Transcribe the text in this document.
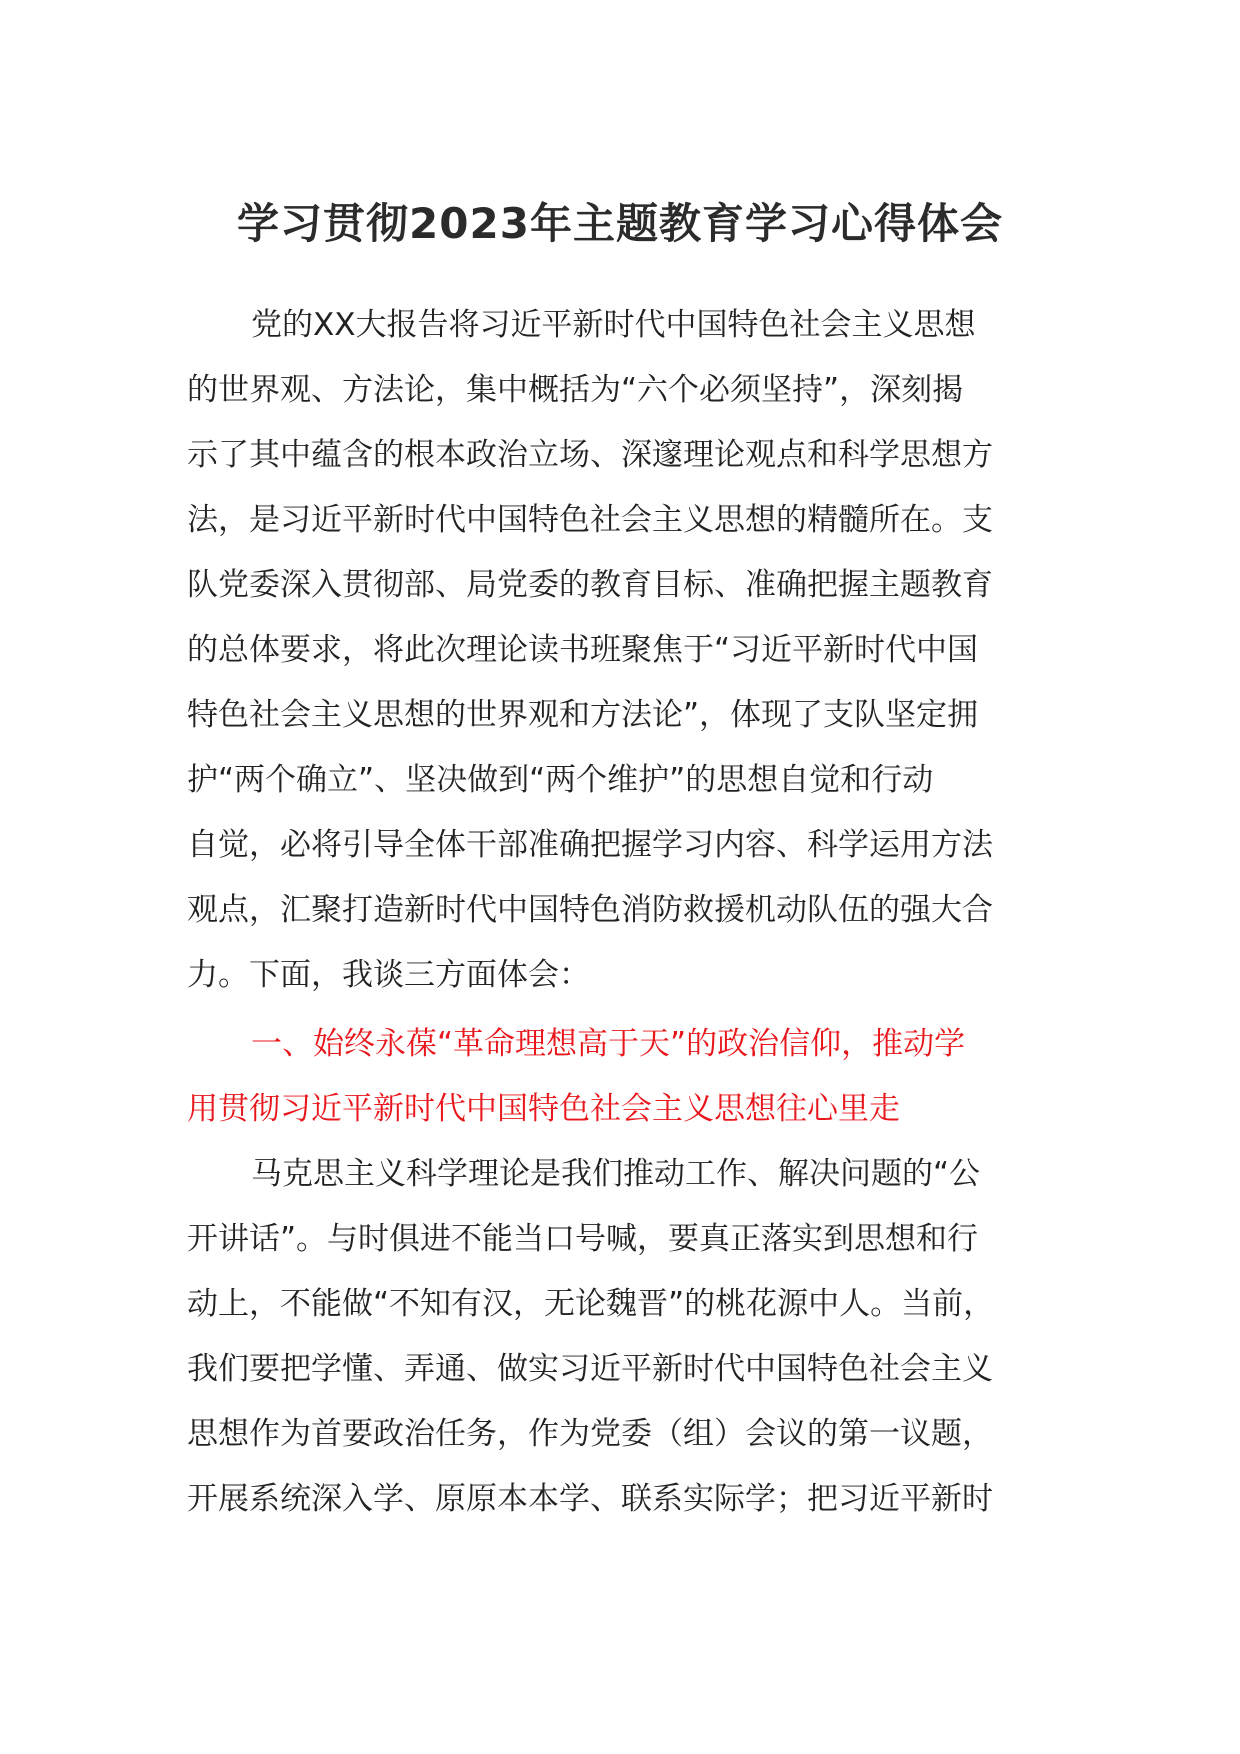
学习贯彻2023年主题教育学习心得体会
党的XX大报告将习近平新时代中国特色社会主义思想
的世界观、方法论，集中概括为“六个必须坚持”，深刻揭
示了其中蕴含的根本政治立场、深邃理论观点和科学思想方
法，是习近平新时代中国特色社会主义思想的精髓所在。支
队党委深入贯彻部、局党委的教育目标、准确把握主题教育
的总体要求，将此次理论读书班聚焦于“习近平新时代中国
特色社会主义思想的世界观和方法论”，体现了支队坚定拥
护“两个确立”、坚决做到“两个维护”的思想自觉和行动
自觉，必将引导全体干部准确把握学习内容、科学运用方法
观点，汇聚打造新时代中国特色消防救援机动队伍的强大合
力。下面，我谈三方面体会：
一、始终永葆“革命理想高于天”的政治信仰，推动学
用贯彻习近平新时代中国特色社会主义思想往心里走
马克思主义科学理论是我们推动工作、解决问题的“公
开讲话”。与时俱进不能当口号喊，要真正落实到思想和行
动上，不能做“不知有汉，无论魏晋”的桃花源中人。当前，
我们要把学懂、弄通、做实习近平新时代中国特色社会主义
思想作为首要政治任务，作为党委（组）会议的第一议题，
开展系统深入学、原原本本学、联系实际学；把习近平新时
